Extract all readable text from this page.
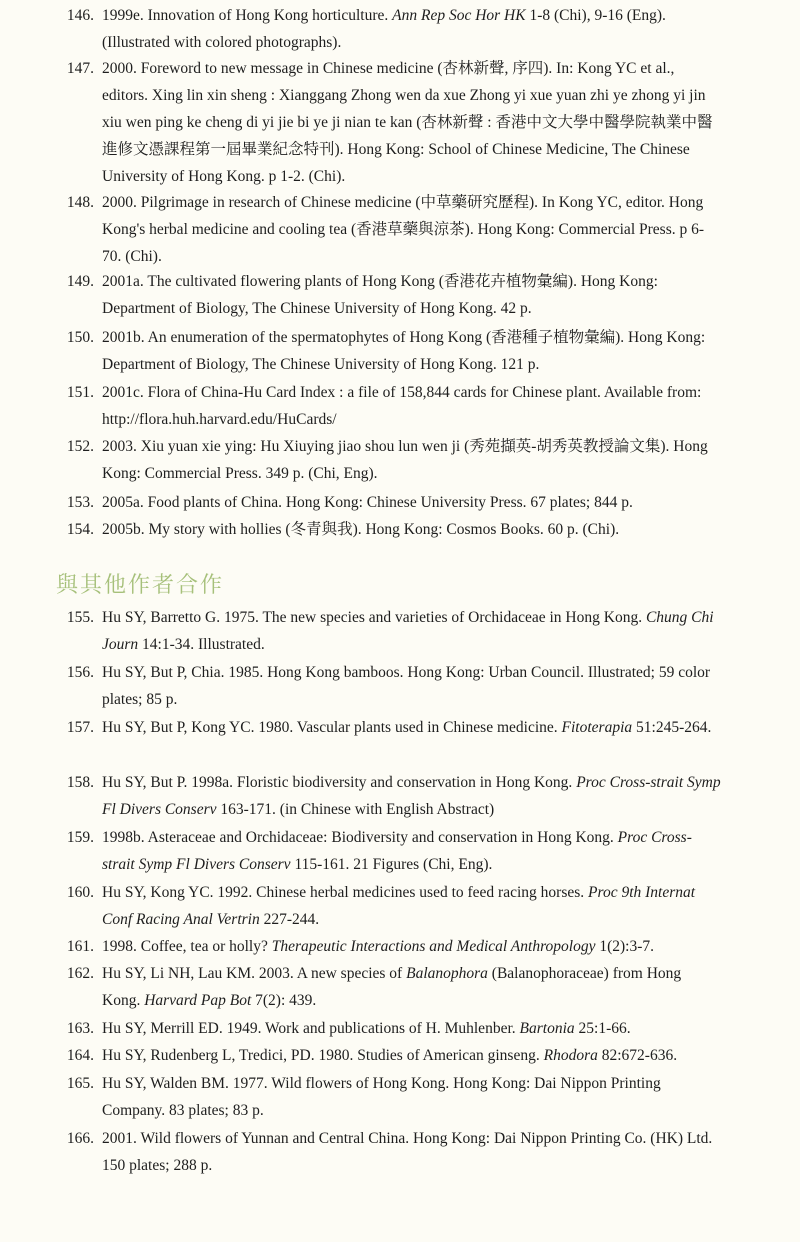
146. 1999e. Innovation of Hong Kong horticulture. Ann Rep Soc Hor HK 1-8 (Chi), 9-16 (Eng). (Illustrated with colored photographs).
147. 2000. Foreword to new message in Chinese medicine (杏林新聲, 序四). In: Kong YC et al., editors. Xing lin xin sheng : Xianggang Zhong wen da xue Zhong yi xue yuan zhi ye zhong yi jin xiu wen ping ke cheng di yi jie bi ye ji nian te kan (杏林新聲 : 香港中文大學中醫學院執業中醫進修文憑課程第一屆畢業紀念特刊). Hong Kong: School of Chinese Medicine, The Chinese University of Hong Kong. p 1-2. (Chi).
148. 2000. Pilgrimage in research of Chinese medicine (中草藥研究歷程). In Kong YC, editor. Hong Kong's herbal medicine and cooling tea (香港草藥與涼茶). Hong Kong: Commercial Press. p 6-70. (Chi).
149. 2001a. The cultivated flowering plants of Hong Kong (香港花卉植物彙編). Hong Kong: Department of Biology, The Chinese University of Hong Kong. 42 p.
150. 2001b. An enumeration of the spermatophytes of Hong Kong (香港種子植物彙編). Hong Kong: Department of Biology, The Chinese University of Hong Kong. 121 p.
151. 2001c. Flora of China-Hu Card Index : a file of 158,844 cards for Chinese plant. Available from: http://flora.huh.harvard.edu/HuCards/
152. 2003. Xiu yuan xie ying: Hu Xiuying jiao shou lun wen ji (秀苑擷英-胡秀英教授論文集). Hong Kong: Commercial Press. 349 p. (Chi, Eng).
153. 2005a. Food plants of China. Hong Kong: Chinese University Press. 67 plates; 844 p.
154. 2005b. My story with hollies (冬青與我). Hong Kong: Cosmos Books. 60 p. (Chi).
與其他作者合作
155. Hu SY, Barretto G. 1975. The new species and varieties of Orchidaceae in Hong Kong. Chung Chi Journ 14:1-34. Illustrated.
156. Hu SY, But P, Chia. 1985. Hong Kong bamboos. Hong Kong: Urban Council. Illustrated; 59 color plates; 85 p.
157. Hu SY, But P, Kong YC. 1980. Vascular plants used in Chinese medicine. Fitoterapia 51:245-264.
158. Hu SY, But P. 1998a. Floristic biodiversity and conservation in Hong Kong. Proc Cross-strait Symp Fl Divers Conserv 163-171. (in Chinese with English Abstract)
159. 1998b. Asteraceae and Orchidaceae: Biodiversity and conservation in Hong Kong. Proc Cross-strait Symp Fl Divers Conserv 115-161. 21 Figures (Chi, Eng).
160. Hu SY, Kong YC. 1992. Chinese herbal medicines used to feed racing horses. Proc 9th Internat Conf Racing Anal Vertrin 227-244.
161. 1998. Coffee, tea or holly? Therapeutic Interactions and Medical Anthropology 1(2):3-7.
162. Hu SY, Li NH, Lau KM. 2003. A new species of Balanophora (Balanophoraceae) from Hong Kong. Harvard Pap Bot 7(2): 439.
163. Hu SY, Merrill ED. 1949. Work and publications of H. Muhlenber. Bartonia 25:1-66.
164. Hu SY, Rudenberg L, Tredici, PD. 1980. Studies of American ginseng. Rhodora 82:672-636.
165. Hu SY, Walden BM. 1977. Wild flowers of Hong Kong. Hong Kong: Dai Nippon Printing Company. 83 plates; 83 p.
166. 2001. Wild flowers of Yunnan and Central China. Hong Kong: Dai Nippon Printing Co. (HK) Ltd. 150 plates; 288 p.
